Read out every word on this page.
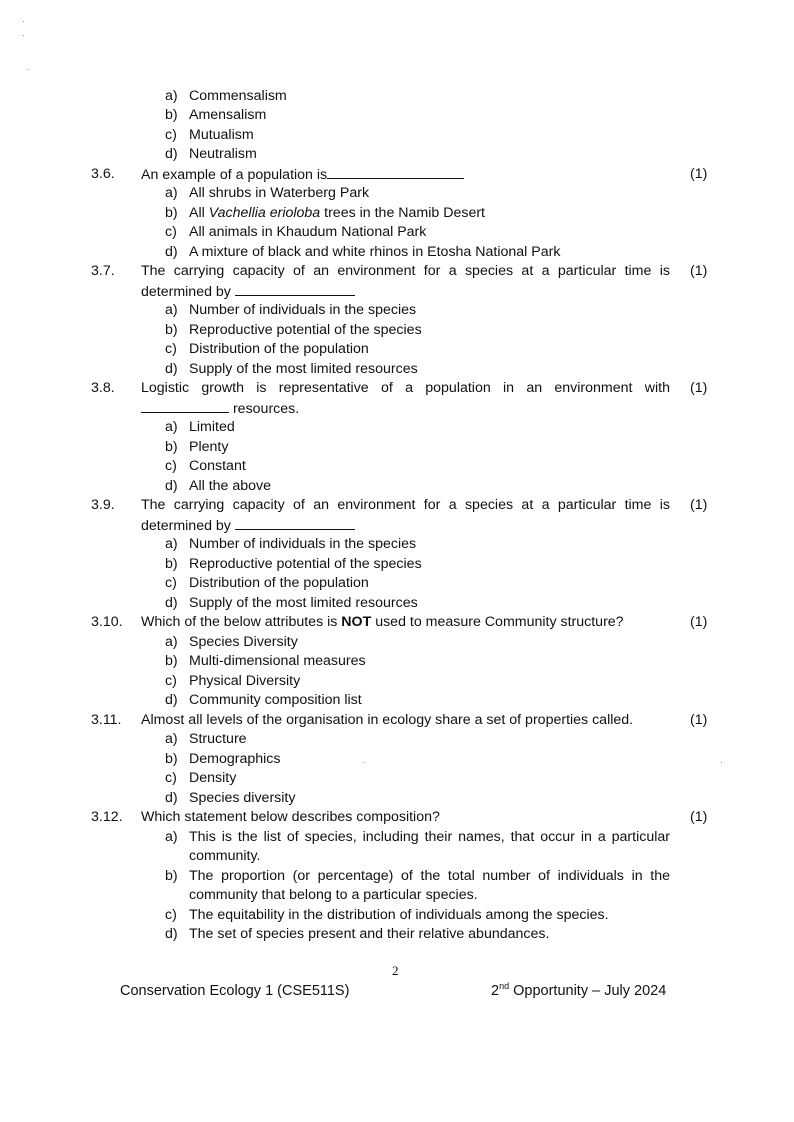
a) Commensalism
b) Amensalism
c) Mutualism
d) Neutralism
3.6. An example of a population is	(1)
a) All shrubs in Waterberg Park
b) All Vachellia erioloba trees in the Namib Desert
c) All animals in Khaudum National Park
d) A mixture of black and white rhinos in Etosha National Park
3.7. The carrying capacity of an environment for a species at a particular time is (1)
determined by
a) Number of individuals in the species
b) Reproductive potential of the species
c) Distribution of the population
d) Supply of the most limited resources
3.8. Logistic growth is representative of a population in an environment with (1)
resources.
a) Limited
b) Plenty
c) Constant
d) All the above
3.9. The carrying capacity of an environment for a species at a particular time is (1)
determined by
a) Number of individuals in the species
b) Reproductive potential of the species
c) Distribution of the population
d) Supply of the most limited resources
3.10. Which of the below attributes is NOT used to measure Community structure?	(1)
a) Species Diversity
b) Multi-dimensional measures
c) Physical Diversity
d) Community composition list
3.11. Almost all levels of the organisation in ecology share a set of properties called.	(1)
a) Structure
b) Demographics
c) Density
d) Species diversity
3.12. Which statement below describes composition?	(1)
a) This is the list of species, including their names, that occur in a particular
community.
b) The proportion (or percentage) of the total number of individuals in the
community that belong to a particular species.
c) The equitability in the distribution of individuals among the species.
d) The set of species present and their relative abundances.
2
Conservation Ecology 1 (CSE511S)	2nd Opportunity – July 2024
